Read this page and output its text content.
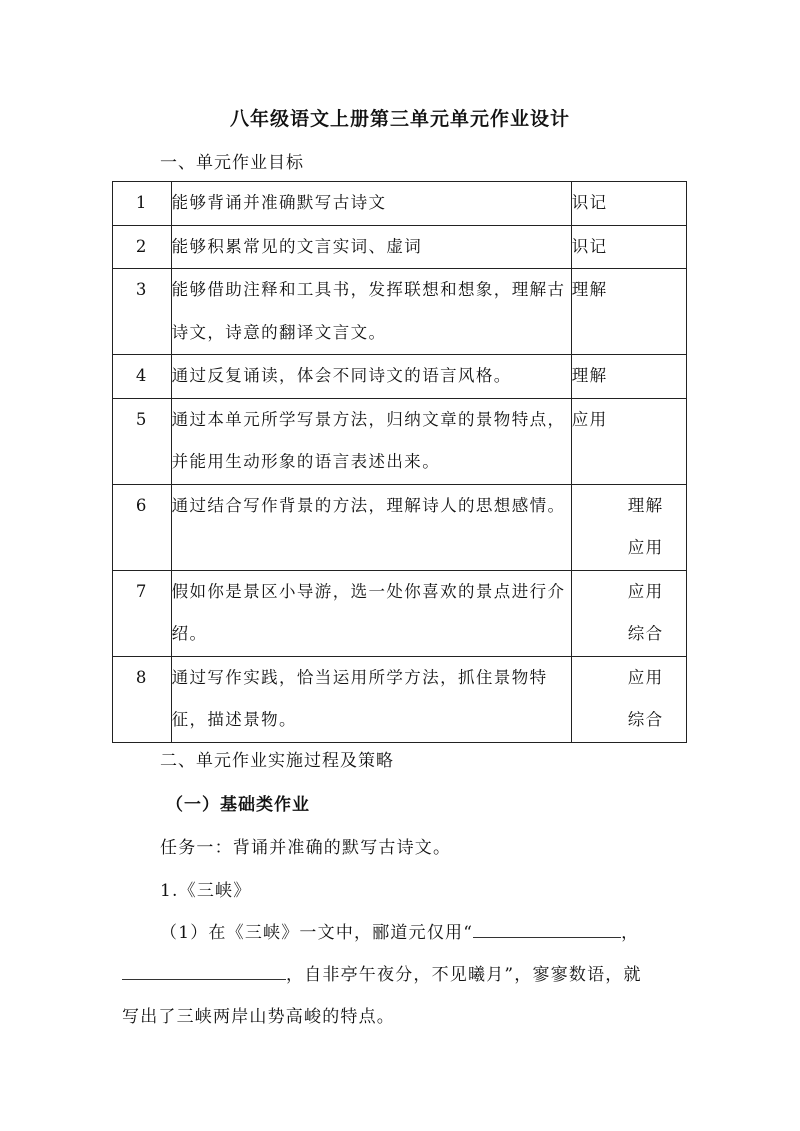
八年级语文上册第三单元单元作业设计
一、单元作业目标
1	能够背诵并准确默写古诗文	识记

2	能够积累常见的文言实词、虚词	识记

3	能够借助注释和工具书，发挥联想和想象，理解古诗文，诗意的翻译文言文。	理解

4	通过反复诵读，体会不同诗文的语言风格。	理解

5	通过本单元所学写景方法，归纳文章的景物特点，并能用生动形象的语言表述出来。	应用

6	通过结合写作背景的方法，理解诗人的思想感情。	理解
应用

7	假如你是景区小导游，选一处你喜欢的景点进行介绍。	应用
综合

8	通过写作实践，恰当运用所学方法，抓住景物特征，描述景物。	应用
综合
二、单元作业实施过程及策略
（一）基础类作业
任务一：背诵并准确的默写古诗文。
1.《三峡》
（1）在《三峡》一文中，郦道元仅用“	，
，自非亭午夜分，不见曦月”，寥寥数语，就
写出了三峡两岸山势高峻的特点。
